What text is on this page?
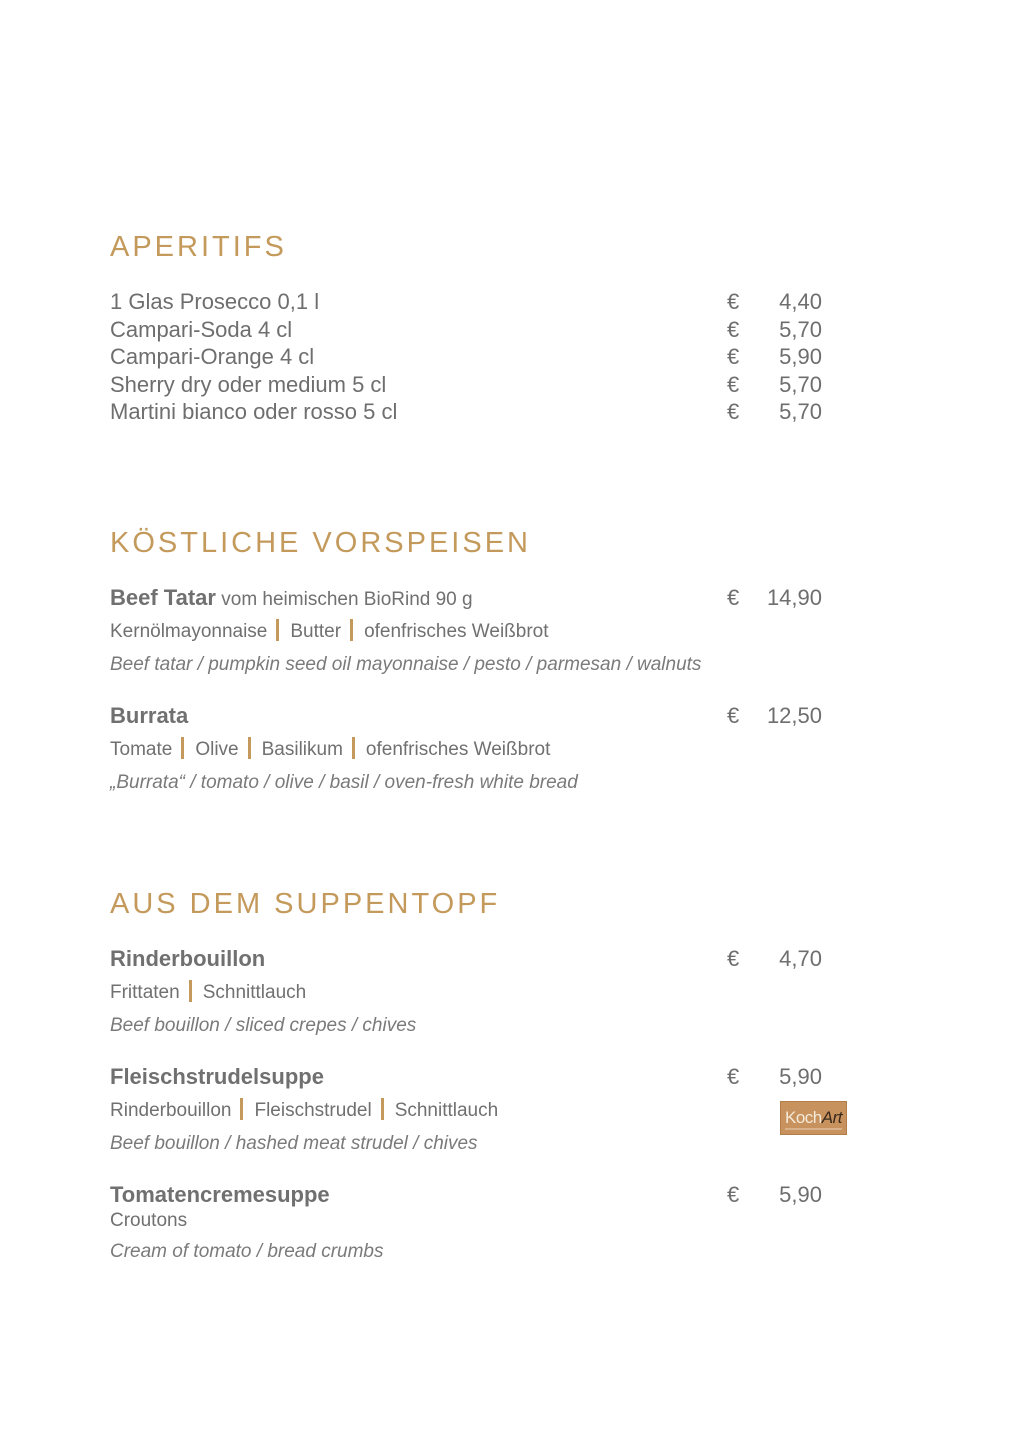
APERITIFS
1 Glas Prosecco 0,1 l	€	4,40
Campari-Soda 4 cl	€	5,70
Campari-Orange 4 cl	€	5,90
Sherry dry oder medium 5 cl	€	5,70
Martini bianco oder rosso 5 cl	€	5,70
KÖSTLICHE VORSPEISEN
Beef Tatar vom heimischen BioRind 90 g	€	14,90
Kernölmayonnaise Butter ofenfrisches Weißbrot
Beef tatar / pumpkin seed oil mayonnaise / pesto / parmesan / walnuts
Burrata	€	12,50
Tomate Olive Basilikum ofenfrisches Weißbrot
„Burrata“ / tomato / olive / basil / oven-fresh white bread
AUS DEM SUPPENTOPF
Rinderbouillon	€	4,70
Frittaten Schnittlauch
Beef bouillon / sliced crepes / chives
Fleischstrudelsuppe	€	5,90
Rinderbouillon Fleischstrudel Schnittlauch
Beef bouillon / hashed meat strudel / chives
KochArt
Tomatencremesuppe	€	5,90
Croutons
Cream of tomato / bread crumbs
